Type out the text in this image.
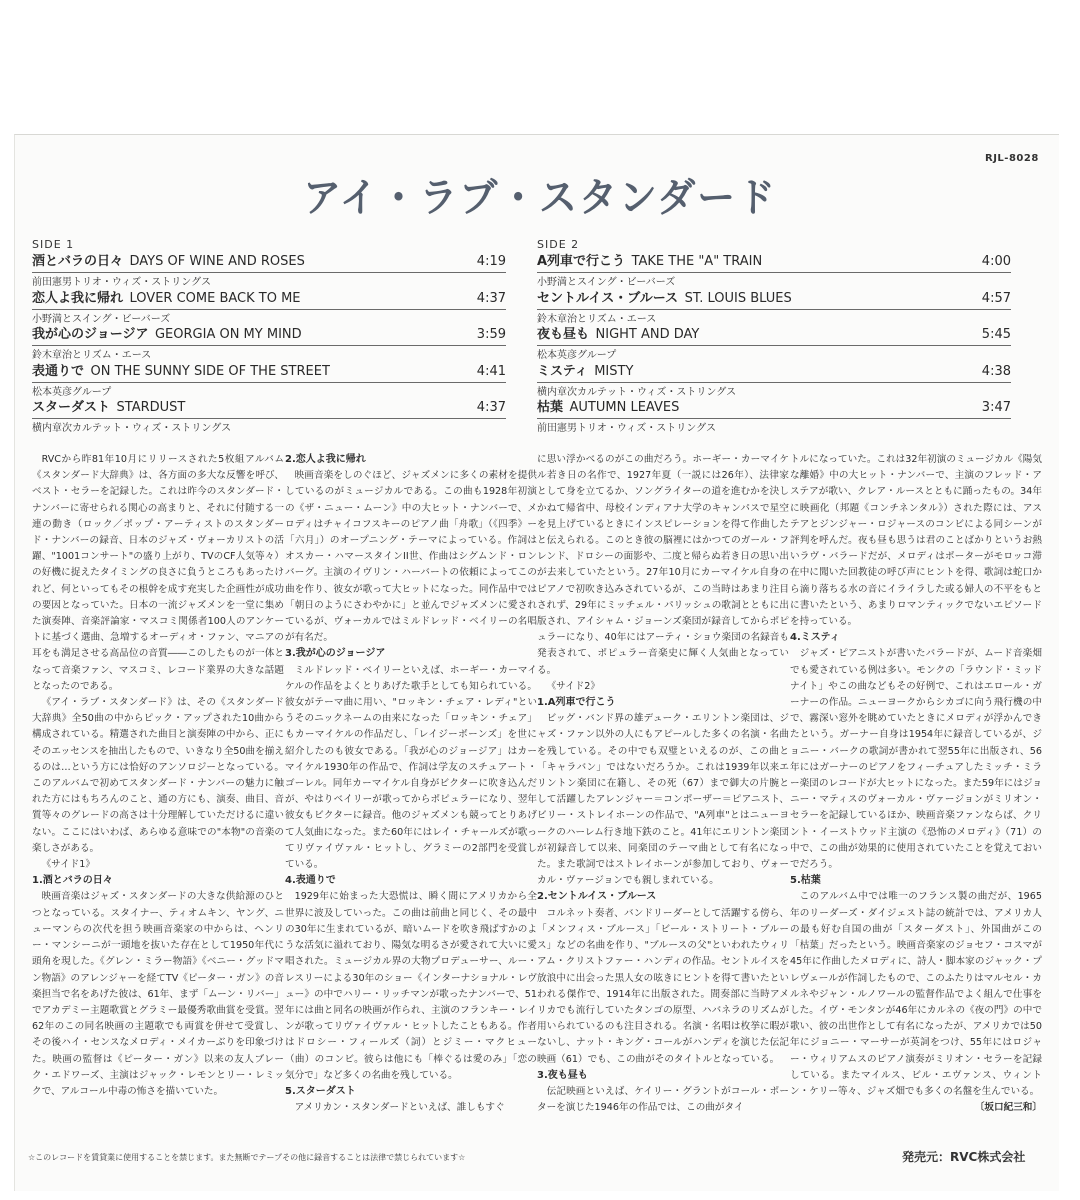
RJL-8028
アイ・ラブ・スタンダード
SIDE 1	SIDE 2
酒とバラの日々 DAYS OF WINE AND ROSES	4:19
前田憲男トリオ・ウィズ・ストリングス
恋人よ我に帰れ LOVER COME BACK TO ME	4:37
小野満とスイング・ビーバーズ
我が心のジョージア GEORGIA ON MY MIND	3:59
鈴木章治とリズム・エース
表通りで ON THE SUNNY SIDE OF THE STREET	4:41
松本英彦グループ
スターダスト STARDUST	4:37
横内章次カルテット・ウィズ・ストリングス
A列車で行こう TAKE THE "A" TRAIN	4:00
小野満とスイング・ビーバーズ
セントルイス・ブルース ST. LOUIS BLUES	4:57
鈴木章治とリズム・エース
夜も昼も NIGHT AND DAY	5:45
松本英彦グループ
ミスティ MISTY	4:38
横内章次カルテット・ウィズ・ストリングス
枯葉 AUTUMN LEAVES	3:47
前田憲男トリオ・ウィズ・ストリングス

RVCから昨81年10月にリリースされた5枚組アルバム《スタンダード大辞典》は、各方面の多大な反響を呼び、ベスト・セラーを記録した。これは昨今のスタンダード・ナンバーに寄せられる関心の高まりと、それに付随する一連の動き（ロック／ポップ・アーティストのスタンダード・ナンバーの録音、日本のジャズ・ヴォーカリストの活躍、"1001コンサート"の盛り上がり、TVのCF人気等々）の好機に捉えたタイミングの良さに負うところもあったけれど、何といってもその根幹を成す充実した企画性が成功の要因となっていた。日本の一流ジャズメンを一堂に集めた演奏陣、音楽評論家・マスコミ関係者100人のアンケートに基づく選曲、急増するオーディオ・ファン、マニアの耳をも満足させる高品位の音質――このしたものが一体となって音楽ファン、マスコミ、レコード業界の大きな話題となったのである。

《アイ・ラブ・スタンダード》は、その《スタンダード大辞典》全50曲の中からピック・アップされた10曲から構成されている。精選された曲目と演奏陣の中から、正にそのエッセンスを抽出したもので、いきなり全50曲を揃えるのは…という方には恰好のアンソロジーとなっている。このアルバムで初めてスタンダード・ナンバーの魅力に触れた方にはもちろんのこと、通の方にも、演奏、曲目、音質等々のグレードの高さは十分理解していただけるに違いない。ここにはいわば、あらゆる意味での"本物"の音楽の楽しさがある。

《サイド1》

1.酒とバラの日々

映画音楽はジャズ・スタンダードの大きな供給源のひとつとなっている。スタイナー、ティオムキン、ヤング、ニューマンらの次代を担う映画音楽家の中からは、ヘンリー・マンシーニが一頭地を抜いた存在として1950年代に頭角を現した。《グレン・ミラー物語》《ベニー・グッドマン物語》のアレンジャーを経てTV《ピーター・ガン》の音楽担当で名をあげた彼は、61年、まず「ムーン・リバー」でアカデミー主題歌賞とグラミー最優秀歌曲賞を受賞。翌62年のこの同名映画の主題歌でも両賞を併せて受賞し、その後ハイ・センスなメロディ・メイカーぶりを印象づけた。映画の監督は《ピーター・ガン》以来の友人ブレーク・エドワーズ、主演はジャック・レモンとリー・レミックで、アルコール中毒の怖さを描いていた。

2.恋人よ我に帰れ

映画音楽をしのぐほど、ジャズメンに多くの素材を提供しているのがミュージカルである。この曲も1928年初演の《ザ・ニュー・ムーン》中の大ヒット・ナンバーで、メロディはチャイコフスキーのピアノ曲「舟歌」（《四季》ー「六月」）のオープニング・テーマによっている。作詞はオスカー・ハマースタインII世、作曲はシグムンド・ロンバーグ。主演のイヴリン・ハーバートの依頼によってこの曲を作り、彼女が歌って大ヒットになった。同作品中では「朝日のようにさわやかに」と並んでジャズメンに愛されているが、ヴォーカルではミルドレッド・ベイリーの名唱が有名だ。

3.我が心のジョージア

ミルドレッド・ベイリーといえば、ホーギー・カーマイケルの作品をよくとりあげた歌手としても知られている。彼女がテーマ曲に用い、"ロッキン・チェア・レディ"というそのニックネームの由来になった「ロッキン・チェア」もカーマイケルの作品だし、「レイジーボーンズ」を世に紹介したのも彼女である。「我が心のジョージア」はカーマイケル1930年の作品で、作詞は学友のスチュアート・ゴーレル。同年カーマイケル自身がビクターに吹き込んだが、やはりベイリーが歌ってからポピュラーになり、翌年彼女もビクターに録音。他のジャズメンも競ってとりあげて人気曲になった。また60年にはレイ・チャールズが歌ってリヴァイヴァル・ヒットし、グラミーの2部門を受賞している。

4.表通りで

1929年に始まった大恐慌は、瞬く間にアメリカから全世界に波及していった。この曲は前曲と同じく、その最中の30年に生まれているが、暗いムードを吹き飛ばすかのような活気に溢れており、陽気な明るさが愛されて大いに愛唱された。ミュージカル界の大物プロデューサー、ルー・レスリーによる30年のショー《インターナショナル・レヴュー》の中でハリー・リッチマンが歌ったナンバーで、51年には曲と同名の映画が作られ、主演のフランキー・レインが歌ってリヴァイヴァル・ヒットしたこともある。作者はドロシー・フィールズ（詞）とジミー・マクヒュー（曲）のコンビ。彼らは他にも「棒ぐるは愛のみ」「恋の気分で」など多くの名曲を残している。

5.スターダスト

アメリカン・スタンダードといえば、誰しもすぐ

に思い浮かべるのがこの曲だろう。ホーギー・カーマイケル若き日の名作で、1927年夏（一説には26年）、法律家として身を立てるか、ソングライターの道を進むかを決しかねて帰省中、母校インディアナ大学のキャンパスで星空を見上げているときにインスピレーションを得て作曲したと伝えられる。このとき彼の脳裡にはかつてのガール・フレンド、ドロシーの面影や、二度と帰らぬ若き日の思い出が去来していたという。27年10月にカーマイケル自身のピアノで初吹き込みされているが、この当時はあまり注目されず、29年にミッチェル・パリッシュの歌詞とともに出版され、アイシャム・ジョーンズ楽団が録音してからポピュラーになり、40年にはアーティ・ショウ楽団の名録音も発表されて、ポピュラー音楽史に輝く人気曲となっている。

《サイド2》

1.A列車で行こう

ビッグ・バンド界の雄デューク・エリントン楽団は、ジャズ・ファン以外の人にもアピールした多くの名演・名曲を残している。その中でも双璧といえるのが、この曲と「キャラバン」ではないだろうか。これは1939年以来エリントン楽団に在籍し、その死（67）まで御大の片腕として活躍したアレンジャー＝コンポーザー＝ピアニスト、ビリー・ストレイホーンの作品で、"A列車"とはニューヨークのハーレム行き地下鉄のこと。41年にエリントン楽団が初録音して以来、同楽団のテーマ曲として有名になった。また歌詞ではストレイホーンが参加しており、ヴォーカル・ヴァージョンでも親しまれている。

2.セントルイス・ブルース

コルネット奏者、バンドリーダーとして活躍する傍ら、「メンフィス・ブルース」「ビール・ストリート・ブルース」などの名曲を作り、"ブルースの父"といわれたウィリアム・クリストファー・ハンディの作品。セントルイスを放浪中に出会った黒人女の呟きにヒントを得て書いたといわれる傑作で、1914年に出版された。間奏部に当時アメリカでも流行していたタンゴの原型、ハバネラのリズムが用いられているのも注目される。名演・名唱は枚挙に暇がないし、ナット・キング・コールがハンディを演じた伝記映画（61）でも、この曲がそのタイトルとなっている。

3.夜も昼も

伝記映画といえば、ケイリー・グラントがコール・ポーターを演じた1946年の作品では、この曲がタイ

トルになっていた。これは32年初演のミュージカル《陽気な離婚》中の大ヒット・ナンバーで、主演のフレッド・アステアが歌い、クレア・ルースとともに踊ったもの。34年に映画化（邦題《コンチネンタル》）された際には、アステアとジンジャー・ロジャースのコンビによる同シーンが評判を呼んだ。夜も昼も思うは君のことばかりというお熱いラヴ・バラードだが、メロディはポーターがモロッコ滞在中に聞いた回教徒の呼び声にヒントを得、歌詞は蛇口から滴り落ちる水の音にイライラした或る婦人の不平をもとに書いたという、あまりロマンティックでないエピソードを持っている。

4.ミスティ

ジャズ・ピアニストが書いたバラードが、ムード音楽畑でも愛されている例は多い。モンクの「ラウンド・ミッドナイト」やこの曲などもその好例で、これはエロール・ガーナーの作品。ニューヨークからシカゴに向う飛行機の中で、霧深い窓外を眺めていたときにメロディが浮かんできたという。ガーナー自身は1954年に録音しているが、ジョニー・バークの歌詞が書かれて翌55年に出版され、56年にはガーナーのピアノをフィーチュアしたミッチ・ミラー楽団のレコードが大ヒットになった。また59年にはジョニー・マティスのヴォーカル・ヴァージョンがミリオン・セラーを記録しているほか、映画音楽ファンならば、クリント・イーストウッド主演の《恐怖のメロディ》（71）の中で、この曲が効果的に使用されていたことを覚えておいでだろう。

5.枯葉

このアルバム中では唯一のフランス製の曲だが、1965年のリーダーズ・ダイジェスト誌の統計では、アメリカ人の最も好む自国の曲が「スターダスト」、外国曲がこの「枯葉」だったという。映画音楽家のジョセフ・コスマが45年に作曲したメロディに、詩人・脚本家のジャック・プレヴェールが作詞したもので、このふたりはマルセル・カルネやジャン・ルノワールの監督作品でよく組んで仕事をした。イヴ・モンタンが46年にカルネの《夜の門》の中で歌い、彼の出世作として有名になったが、アメリカでは50年にジョニー・マーサーが英詞をつけ、55年にはロジャー・ウィリアムスのピアノ演奏がミリオン・セラーを記録している。またマイルス、ビル・エヴァンス、ウィントン・ケリー等々、ジャズ畑でも多くの名盤を生んでいる。

〔坂口紀三和〕

☆このレコードを賃貸業に使用することを禁じます。また無断でテープその他に録音することは法律で禁じられています☆	発売元：RVC株式会社
